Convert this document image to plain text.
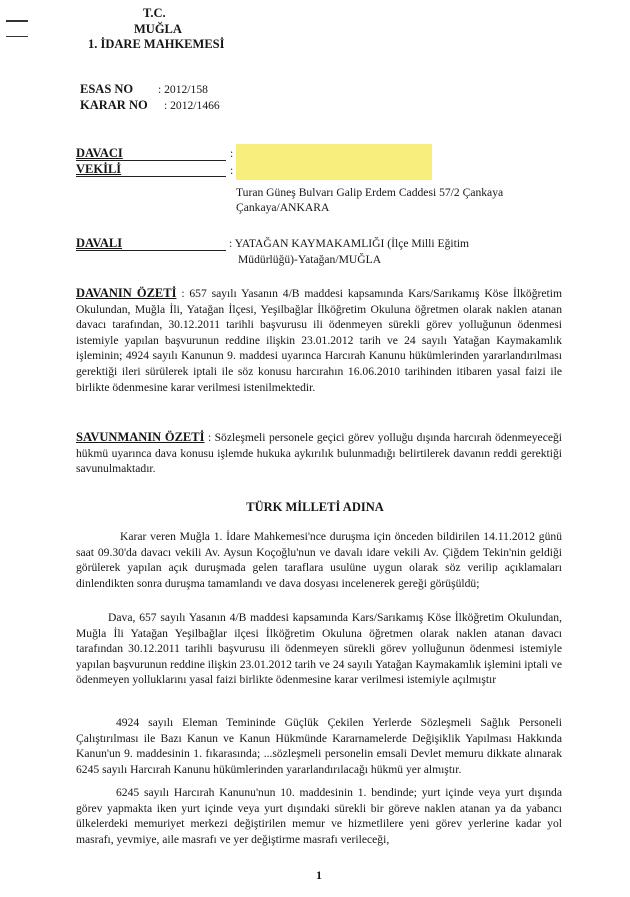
T.C.
MUĞLA
1. İDARE MAHKEMESİ
ESAS NO : 2012/158
KARAR NO : 2012/1466
DAVACI	:
VEKİLİ	:
Turan Güneş Bulvarı Galip Erdem Caddesi 57/2 Çankaya
Çankaya/ANKARA
DAVALI	: YATAĞAN KAYMAKAMLIĞI (İlçe Milli Eğitim
Müdürlüğü)-Yatağan/MUĞLA
DAVANIN ÖZETİ : 657 sayılı Yasanın 4/B maddesi kapsamında Kars/Sarıkamış Köse İlköğretim Okulundan, Muğla İli, Yatağan İlçesi, Yeşilbağlar İlköğretim Okuluna öğretmen olarak naklen atanan davacı tarafından, 30.12.2011 tarihli başvurusu ili ödenmeyen sürekli görev yolluğunun ödenmesi istemiyle yapılan başvurunun reddine ilişkin 23.01.2012 tarih ve 24 sayılı Yatağan Kaymakamlık işleminin; 4924 sayılı Kanunun 9. maddesi uyarınca Harcırah Kanunu hükümlerinden yararlandırılması gerektiği ileri sürülerek iptali ile söz konusu harcırahın 16.06.2010 tarihinden itibaren yasal faizi ile birlikte ödenmesine karar verilmesi istenilmektedir.
SAVUNMANIN ÖZETİ : Sözleşmeli personele geçici görev yolluğu dışında harcırah ödenmeyeceği hükmü uyarınca dava konusu işlemde hukuka aykırılık bulunmadığı belirtilerek davanın reddi gerektiği savunulmaktadır.
TÜRK MİLLETİ ADINA
Karar veren Muğla 1. İdare Mahkemesi'nce duruşma için önceden bildirilen 14.11.2012 günü saat 09.30'da davacı vekili Av. Aysun Koçoğlu'nun ve davalı idare vekili Av. Çiğdem Tekin'nin geldiği görülerek yapılan açık duruşmada gelen taraflara usulüne uygun olarak söz verilip açıklamaları dinlendikten sonra duruşma tamamlandı ve dava dosyası incelenerek gereği görüşüldü;
Dava, 657 sayılı Yasanın 4/B maddesi kapsamında Kars/Sarıkamış Köse İlköğretim Okulundan, Muğla İli Yatağan Yeşilbağlar ilçesi İlköğretim Okuluna öğretmen olarak naklen atanan davacı tarafından 30.12.2011 tarihli başvurusu ili ödenmeyen sürekli görev yolluğunun ödenmesi istemiyle yapılan başvurunun reddine ilişkin 23.01.2012 tarih ve 24 sayılı Yatağan Kaymakamlık işlemini iptali ve ödenmeyen yolluklarını yasal faizi birlikte ödenmesine karar verilmesi istemiyle açılmıştır
4924 sayılı Eleman Temininde Güçlük Çekilen Yerlerde Sözleşmeli Sağlık Personeli Çalıştırılması ile Bazı Kanun ve Kanun Hükmünde Kararnamelerde Değişiklik Yapılması Hakkında Kanun'un 9. maddesinin 1. fıkarasında; ...sözleşmeli personelin emsali Devlet memuru dikkate alınarak 6245 sayılı Harcırah Kanunu hükümlerinden yararlandırılacağı hükmü yer almıştır.
6245 sayılı Harcırah Kanunu'nun 10. maddesinin 1. bendinde; yurt içinde veya yurt dışında görev yapmakta iken yurt içinde veya yurt dışındaki sürekli bir göreve naklen atanan ya da yabancı ülkelerdeki memuriyet merkezi değiştirilen memur ve hizmetlilere yeni görev yerlerine kadar yol masrafı, yevmiye, aile masrafı ve yer değiştirme masrafı verileceği,
1
